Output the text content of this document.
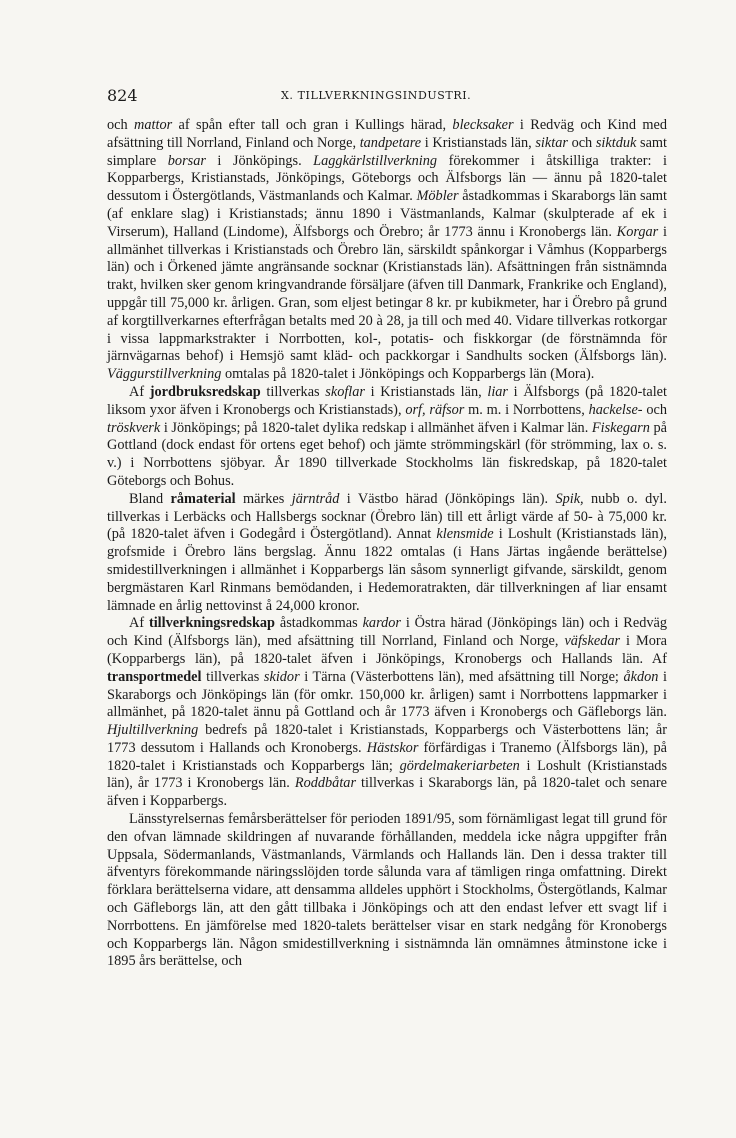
824	X. TILLVERKNINGSINDUSTRI.

och mattor af spån efter tall och gran i Kullings härad, blecksaker i Redväg och Kind med afsättning till Norrland, Finland och Norge, tandpetare i Kristianstads län, siktar och siktduk samt simplare borsar i Jönköpings. Laggkärlstillverkning förekommer i åtskilliga trakter: i Kopparbergs, Kristianstads, Jönköpings, Göteborgs och Älfsborgs län — ännu på 1820-talet dessutom i Östergötlands, Västmanlands och Kalmar. Möbler åstadkommas i Skaraborgs län samt (af enklare slag) i Kristianstads; ännu 1890 i Västmanlands, Kalmar (skulpterade af ek i Virserum), Halland (Lindome), Älfsborgs och Örebro; år 1773 ännu i Kronobergs län. Korgar i allmänhet tillverkas i Kristianstads och Örebro län, särskildt spånkorgar i Våmhus (Kopparbergs län) och i Örkened jämte angränsande socknar (Kristianstads län). Afsättningen från sistnämnda trakt, hvilken sker genom kringvandrande försäljare (äfven till Danmark, Frankrike och England), uppgår till 75,000 kr. årligen. Gran, som eljest betingar 8 kr. pr kubikmeter, har i Örebro på grund af korgtillverkarnes efterfrågan betalts med 20 à 28, ja till och med 40. Vidare tillverkas rotkorgar i vissa lappmarkstrakter i Norrbotten, kol-, potatis- och fiskkorgar (de förstnämnda för järnvägarnas behof) i Hemsjö samt kläd- och packkorgar i Sandhults socken (Älfsborgs län). Väggurstillverkning omtalas på 1820-talet i Jönköpings och Kopparbergs län (Mora).

Af jordbruksredskap tillverkas skoflar i Kristianstads län, liar i Älfsborgs (på 1820-talet liksom yxor äfven i Kronobergs och Kristianstads), orf, räfsor m. m. i Norrbottens, hackelse- och tröskverk i Jönköpings; på 1820-talet dylika redskap i allmänhet äfven i Kalmar län. Fiskegarn på Gottland (dock endast för ortens eget behof) och jämte strömmingskärl (för strömming, lax o. s. v.) i Norrbottens sjöbyar. År 1890 tillverkade Stockholms län fiskredskap, på 1820-talet Göteborgs och Bohus.

Bland råmaterial märkes järntråd i Västbo härad (Jönköpings län). Spik, nubb o. dyl. tillverkas i Lerbäcks och Hallsbergs socknar (Örebro län) till ett årligt värde af 50- à 75,000 kr. (på 1820-talet äfven i Godegård i Östergötland). Annat klensmide i Loshult (Kristianstads län), grofsmide i Örebro läns bergslag. Ännu 1822 omtalas (i Hans Järtas ingående berättelse) smidestillverkningen i allmänhet i Kopparbergs län såsom synnerligt gifvande, särskildt, genom bergmästaren Karl Rinmans bemödanden, i Hedemoratrakten, där tillverkningen af liar ensamt lämnade en årlig nettovinst å 24,000 kronor.

Af tillverkningsredskap åstadkommas kardor i Östra härad (Jönköpings län) och i Redväg och Kind (Älfsborgs län), med afsättning till Norrland, Finland och Norge, väfskedar i Mora (Kopparbergs län), på 1820-talet äfven i Jönköpings, Kronobergs och Hallands län. Af transportmedel tillverkas skidor i Tärna (Västerbottens län), med afsättning till Norge; åkdon i Skaraborgs och Jönköpings län (för omkr. 150,000 kr. årligen) samt i Norrbottens lappmarker i allmänhet, på 1820-talet ännu på Gottland och år 1773 äfven i Kronobergs och Gäfleborgs län. Hjultillverkning bedrefs på 1820-talet i Kristianstads, Kopparbergs och Västerbottens län; år 1773 dessutom i Hallands och Kronobergs. Hästskor förfärdigas i Tranemo (Älfsborgs län), på 1820-talet i Kristianstads och Kopparbergs län; gördelmakeriarbeten i Loshult (Kristianstads län), år 1773 i Kronobergs län. Roddbåtar tillverkas i Skaraborgs län, på 1820-talet och senare äfven i Kopparbergs.

Länsstyrelsernas femårsberättelser för perioden 1891/95, som förnämligast legat till grund för den ofvan lämnade skildringen af nuvarande förhållanden, meddela icke några uppgifter från Uppsala, Södermanlands, Västmanlands, Värmlands och Hallands län. Den i dessa trakter till äfventyrs förekommande näringsslöjden torde sålunda vara af tämligen ringa omfattning. Direkt förklara berättelserna vidare, att densamma alldeles upphört i Stockholms, Östergötlands, Kalmar och Gäfleborgs län, att den gått tillbaka i Jönköpings och att den endast lefver ett svagt lif i Norrbottens. En jämförelse med 1820-talets berättelser visar en stark nedgång för Kronobergs och Kopparbergs län. Någon smidestillverkning i sistnämnda län omnämnes åtminstone icke i 1895 års berättelse, och
